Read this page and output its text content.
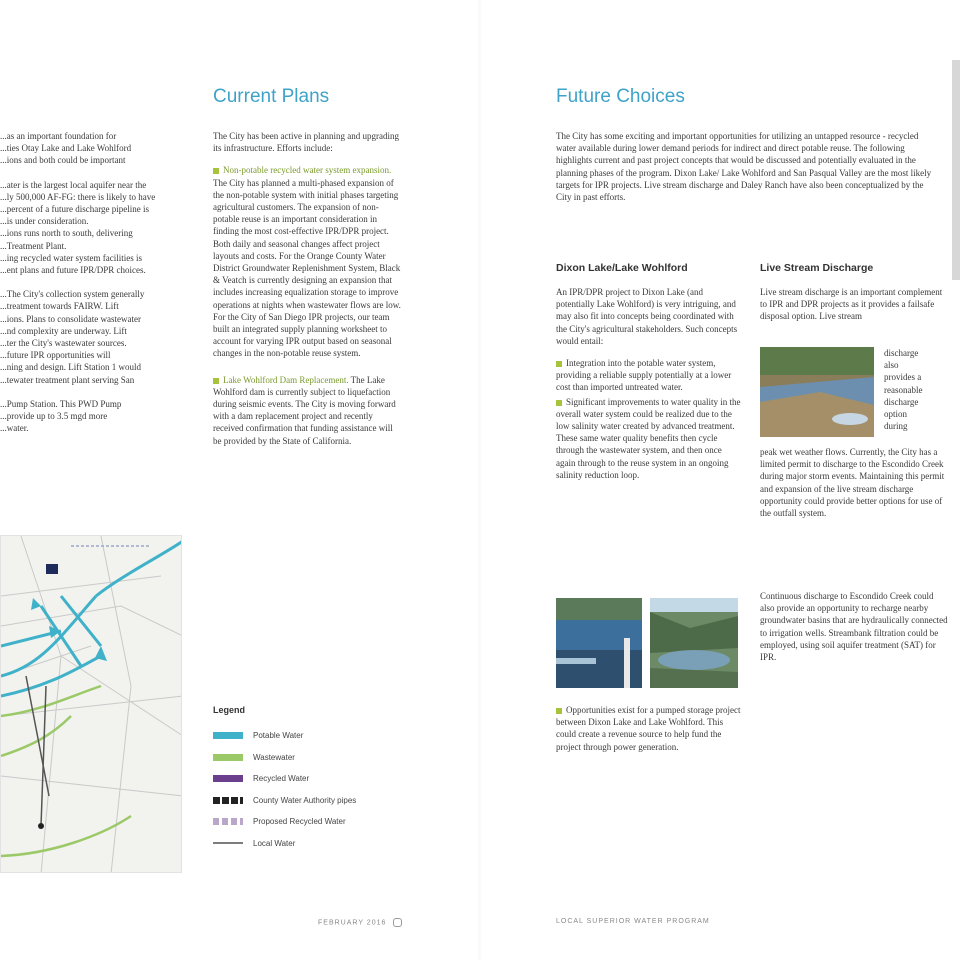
...as an important foundation for
...ties Otay Lake and Lake Wohlford
...ions and both could be important
...ater is the largest local aquifer near the
...ly 500,000 AF-FG: there is likely to have
...percent of a future discharge pipeline is
...is under consideration.
...ions runs north to south, delivering
...Treatment Plant.
...ing recycled water system facilities is
...ent plans and future IPR/DPR choices.
...The City's collection system generally
...treatment towards FAIRW. Lift
...ions. Plans to consolidate wastewater
...nd complexity are underway. Lift
...ter the City's wastewater sources.
...future IPR opportunities will
...ning and design. Lift Station 1 would
...tewater treatment plant serving San
...Pump Station. This PWD Pump
...provide up to 3.5 mgd more
...water.
Current Plans

The City has been active in planning and upgrading its infrastructure. Efforts include:

Non-potable recycled water system expansion. The City has planned a multi-phased expansion of the non-potable system with initial phases targeting agricultural customers. The expansion of non-potable reuse is an important consideration in finding the most cost-effective IPR/DPR project. Both daily and seasonal changes affect project layouts and costs. For the Orange County Water District Groundwater Replenishment System, Black & Veatch is currently designing an expansion that includes increasing equalization storage to improve operations at nights when wastewater flows are low. For the City of San Diego IPR projects, our team built an integrated supply planning worksheet to account for varying IPR output based on seasonal changes in the non-potable reuse system.

Lake Wohlford Dam Replacement. The Lake Wohlford dam is currently subject to liquefaction during seismic events. The City is moving forward with a dam replacement project and recently received confirmation that funding assistance will be provided by the State of California.

Legend
Potable Water
Wastewater
Recycled Water
County Water Authority pipes
Proposed Recycled Water
Local Water
FEBRUARY 2016
Future Choices
The City has some exciting and important opportunities for utilizing an untapped resource - recycled water available during lower demand periods for indirect and direct potable reuse. The following highlights current and past project concepts that would be discussed and potentially evaluated in the planning phases of the program. Dixon Lake/ Lake Wohlford and San Pasqual Valley are the most likely targets for IPR projects. Live stream discharge and Daley Ranch have also been conceptualized by the City in past efforts.
Dixon Lake/Lake Wohlford

An IPR/DPR project to Dixon Lake (and potentially Lake Wohlford) is very intriguing, and may also fit into concepts being coordinated with the City's agricultural stakeholders. Such concepts would entail:

Integration into the potable water system, providing a reliable supply potentially at a lower cost than imported untreated water.

Significant improvements to water quality in the overall water system could be realized due to the low salinity water created by advanced treatment. These same water quality benefits then cycle through the wastewater system, and then once again through to the reuse system in an ongoing salinity reduction loop.

Opportunities exist for a pumped storage project between Dixon Lake and Lake Wohlford. This could create a revenue source to help fund the project through power generation.
Live Stream Discharge
Live stream discharge is an important complement to IPR and DPR projects as it provides a failsafe disposal option. Live stream
discharge
also
provides a
reasonable
discharge
option
during
peak wet weather flows. Currently, the City has a limited permit to discharge to the Escondido Creek during major storm events. Maintaining this permit and expansion of the live stream discharge opportunity could provide better options for use of the outfall system.
Continuous discharge to Escondido Creek could also provide an opportunity to recharge nearby groundwater basins that are hydraulically connected to irrigation wells. Streambank filtration could be employed, using soil aquifer treatment (SAT) for IPR.
LOCAL SUPERIOR WATER PROGRAM
